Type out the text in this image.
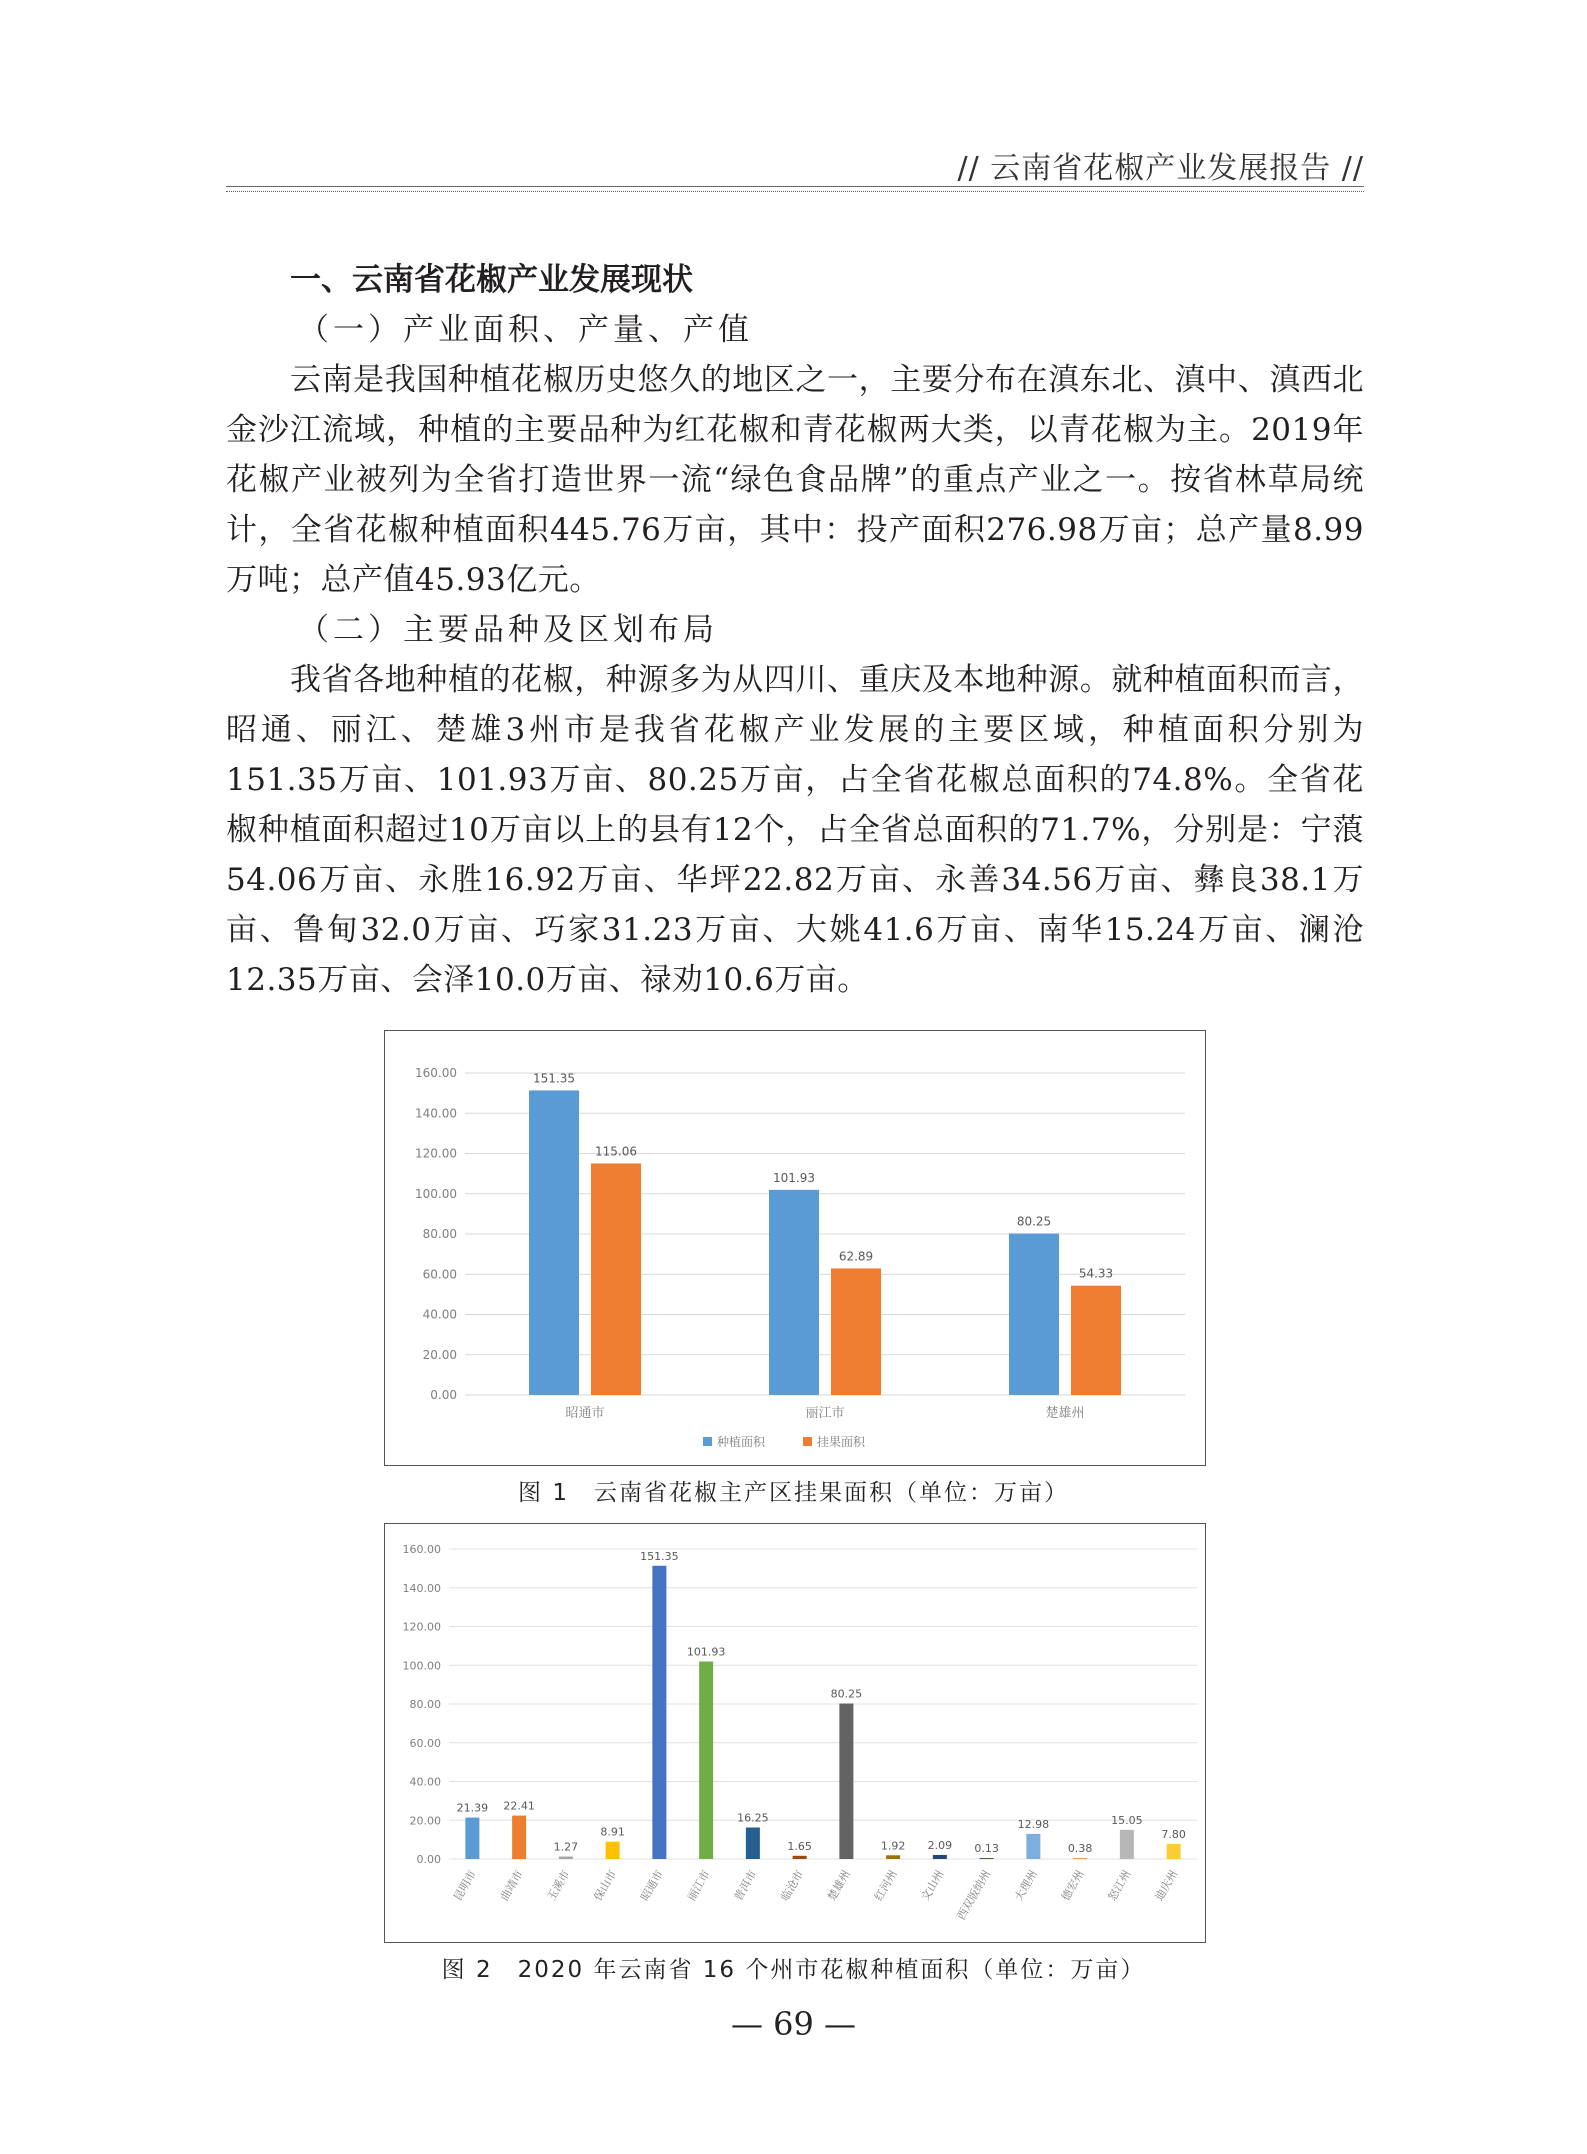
// 云南省花椒产业发展报告 //

一、云南省花椒产业发展现状

（一）产业面积、产量、产值

云南是我国种植花椒历史悠久的地区之一，主要分布在滇东北、滇中、滇西北金沙江流域，种植的主要品种为红花椒和青花椒两大类，以青花椒为主。2019年花椒产业被列为全省打造世界一流“绿色食品牌”的重点产业之一。按省林草局统计，全省花椒种植面积445.76万亩，其中：投产面积276.98万亩；总产量8.99万吨；总产值45.93亿元。

（二）主要品种及区划布局

我省各地种植的花椒，种源多为从四川、重庆及本地种源。就种植面积而言，昭通、丽江、楚雄3州市是我省花椒产业发展的主要区域，种植面积分别为151.35万亩、101.93万亩、80.25万亩，占全省花椒总面积的74.8%。全省花椒种植面积超过10万亩以上的县有12个，占全省总面积的71.7%，分别是：宁蒗54.06万亩、永胜16.92万亩、华坪22.82万亩、永善34.56万亩、彝良38.1万亩、鲁甸32.0万亩、巧家31.23万亩、大姚41.6万亩、南华15.24万亩、澜沧12.35万亩、会泽10.0万亩、禄劝10.6万亩。

0.00
20.00
40.00
60.00
80.00
100.00
120.00
140.00
160.00	151.35
115.06
昭通市
101.93
62.89
丽江市
80.25
54.33
楚雄州
种植面积	挂果面积
图 1　云南省花椒主产区挂果面积（单位：万亩）
0.00
20.00
40.00
60.00
80.00
100.00
120.00
140.00
160.00
21.39
昆明市
22.41
曲靖市
1.27
玉溪市
8.91
保山市
151.35
昭通市
101.93
丽江市
16.25
普洱市
1.65
临沧市
80.25
楚雄州
1.92
红河州
2.09
文山州
0.13
西双版纳州
12.98
大理州
0.38
德宏州
15.05
怒江州
7.80
迪庆州
图 2　2020 年云南省 16 个州市花椒种植面积（单位：万亩）
— 69 —
